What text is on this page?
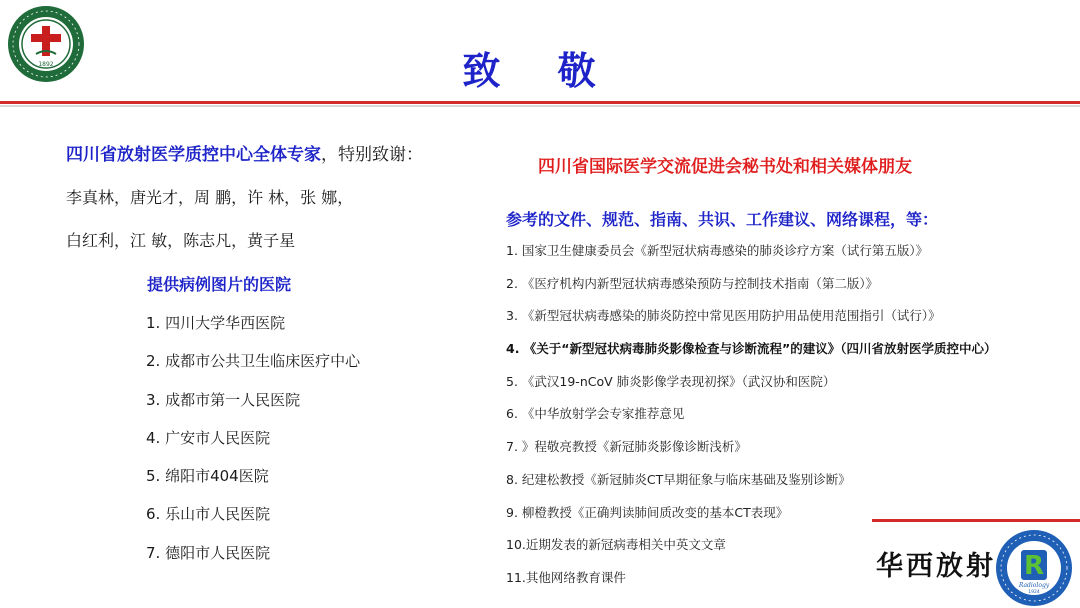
1892	致 敬
四川省放射医学质控中心全体专家，特别致谢：
李真林，唐光才，周 鹏，许 林，张 娜，
白红利，江 敏，陈志凡，黄子星
提供病例图片的医院
1. 四川大学华西医院
2. 成都市公共卫生临床医疗中心
3. 成都市第一人民医院
4. 广安市人民医院
5. 绵阳市404医院
6. 乐山市人民医院
7. 德阳市人民医院
四川省国际医学交流促进会秘书处和相关媒体朋友
参考的文件、规范、指南、共识、工作建议、网络课程，等：
1. 国家卫生健康委员会《新型冠状病毒感染的肺炎诊疗方案（试行第五版）》
2. 《医疗机构内新型冠状病毒感染预防与控制技术指南（第二版）》
3. 《新型冠状病毒感染的肺炎防控中常见医用防护用品使用范围指引（试行）》
4. 《关于“新型冠状病毒肺炎影像检查与诊断流程”的建议》（四川省放射医学质控中心）
5. 《武汉19-nCoV 肺炎影像学表现初探》（武汉协和医院）
6. 《中华放射学会专家推荐意见
7. 》程敬亮教授《新冠肺炎影像诊断浅析》
8. 纪建松教授《新冠肺炎CT早期征象与临床基础及鉴别诊断》
9. 柳橙教授《正确判读肺间质改变的基本CT表现》
10.近期发表的新冠病毒相关中英文文章
11.其他网络教育课件	华西放射 R
Radiology
1924
